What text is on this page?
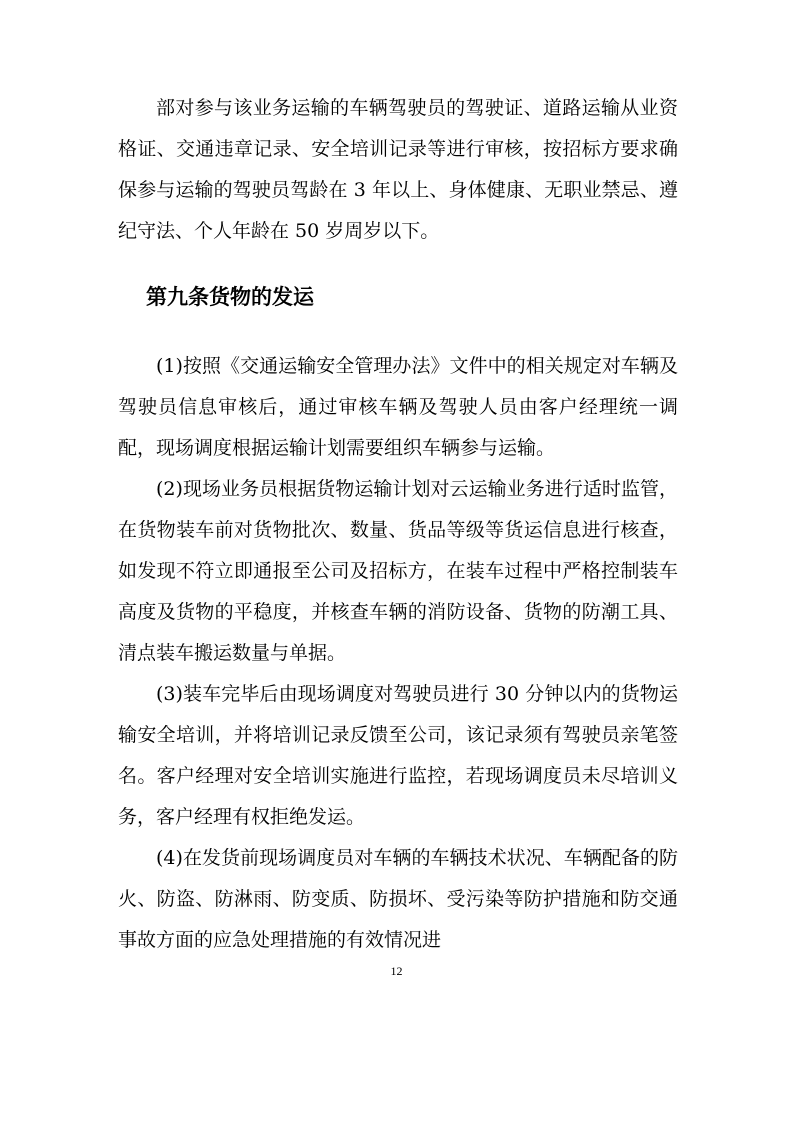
部对参与该业务运输的车辆驾驶员的驾驶证、道路运输从业资格证、交通违章记录、安全培训记录等进行审核，按招标方要求确保参与运输的驾驶员驾龄在 3 年以上、身体健康、无职业禁忌、遵纪守法、个人年龄在 50 岁周岁以下。

第九条货物的发运

(1)按照《交通运输安全管理办法》文件中的相关规定对车辆及驾驶员信息审核后，通过审核车辆及驾驶人员由客户经理统一调配，现场调度根据运输计划需要组织车辆参与运输。

(2)现场业务员根据货物运输计划对云运输业务进行适时监管，在货物装车前对货物批次、数量、货品等级等货运信息进行核查，如发现不符立即通报至公司及招标方，在装车过程中严格控制装车高度及货物的平稳度，并核查车辆的消防设备、货物的防潮工具、清点装车搬运数量与单据。

(3)装车完毕后由现场调度对驾驶员进行 30 分钟以内的货物运输安全培训，并将培训记录反馈至公司，该记录须有驾驶员亲笔签名。客户经理对安全培训实施进行监控，若现场调度员未尽培训义务，客户经理有权拒绝发运。

(4)在发货前现场调度员对车辆的车辆技术状况、车辆配备的防火、防盗、防淋雨、防变质、防损坏、受污染等防护措施和防交通事故方面的应急处理措施的有效情况进

12
